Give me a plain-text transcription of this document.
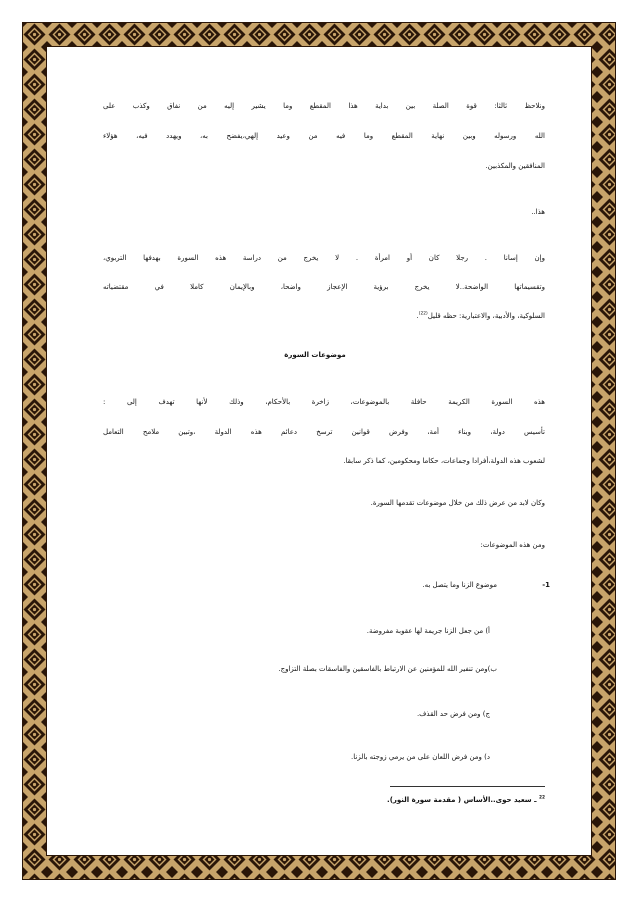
ونلاحظ ثالثا: قوة الصلة بين بداية هذا المقطع وما يشير إليه من نفاق وكذب على
الله ورسوله وبين نهاية المقطع وما فيه من وعيد إلهي،يفضح به، ويهدد فيه، هؤلاء
المنافقين والمكذبين.
هذا..
وإن إسانا . رجلا كان أو امرأة . لا يخرج من دراسة هذه السورة بهدفها التربوي،
وتقسيماتها الواضحة..لا يخرج برؤية الإعجاز واضحا، وبالإيمان كاملا في مقتضياته
السلوكية، والأدبية، والاعتبارية: حظه قليل$^{(22)}$.
موضوعات السورة
هذه السورة الكريمة حافلة بالموضوعات، زاخرة بالأحكام، وذلك لأنها تهدف إلى :
تأسيس دولة، وبناء أمة، وفرض قوانين ترسخ دعائم هذه الدولة ،وتبين ملامح التعامل
لشعوب هذه الدولة،أفرادا وجماعات، حكاما ومحكومين، كما ذكر سابقا.
وكان لابد من عرض ذلك من خلال موضوعات تقدمها السورة.
ومن هذه الموضوعات:
1-
موضوع الزنا وما يتصل به.
أ) من جعل الزنا جريمة لها عقوبة مفروضة.
ب)ومن تنفير الله للمؤمنين عن الارتباط بالفاسقين والفاسقات بصلة التزاوج.
ج) ومن فرض حد القذف.
د) ومن فرض اللعان على من يرمي زوجته بالزنا.
$^{22}$ ـ سعيد حوى..الأساس ( مقدمة سورة النور).
